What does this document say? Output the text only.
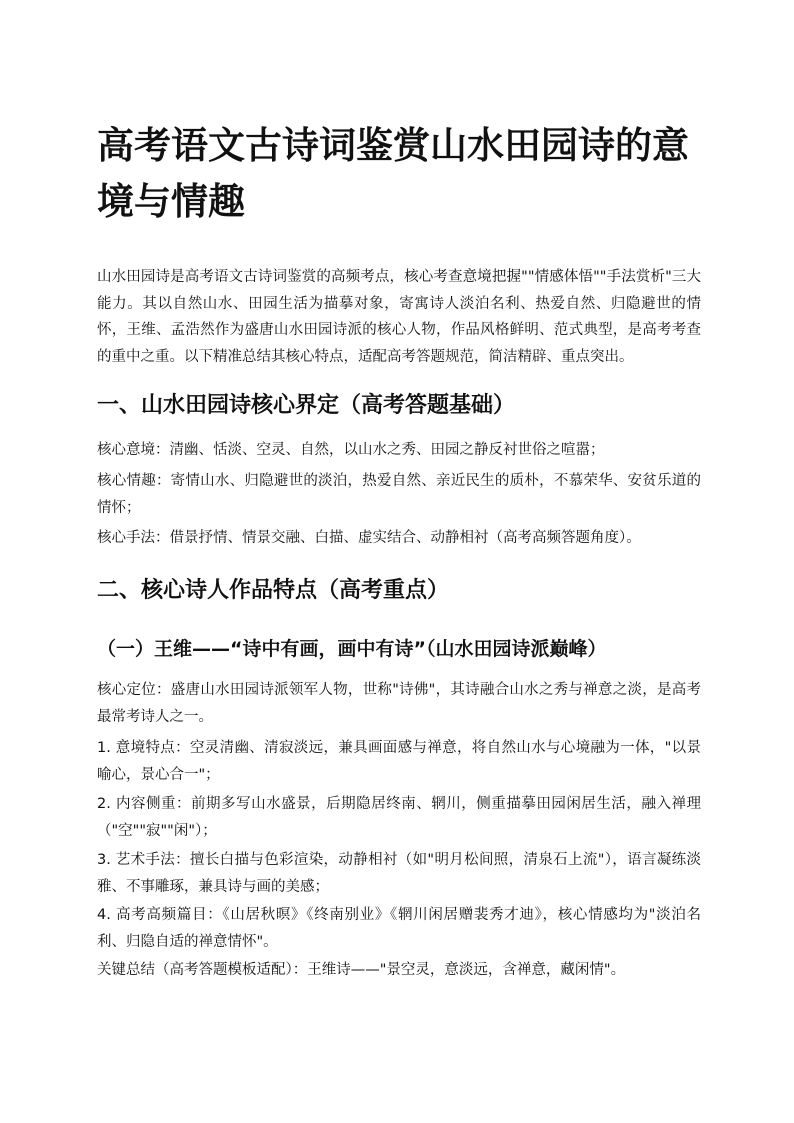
高考语文古诗词鉴赏山水田园诗的意境与情趣

山水田园诗是高考语文古诗词鉴赏的高频考点，核心考查意境把握""情感体悟""手法赏析"三大能力。其以自然山水、田园生活为描摹对象，寄寓诗人淡泊名利、热爱自然、归隐避世的情怀，王维、孟浩然作为盛唐山水田园诗派的核心人物，作品风格鲜明、范式典型，是高考考查的重中之重。以下精准总结其核心特点，适配高考答题规范，简洁精辟、重点突出。

一、山水田园诗核心界定（高考答题基础）

核心意境：清幽、恬淡、空灵、自然，以山水之秀、田园之静反衬世俗之喧嚣；

核心情趣：寄情山水、归隐避世的淡泊，热爱自然、亲近民生的质朴，不慕荣华、安贫乐道的情怀；

核心手法：借景抒情、情景交融、白描、虚实结合、动静相衬（高考高频答题角度）。

二、核心诗人作品特点（高考重点）
（一）王维——“诗中有画，画中有诗”（山水田园诗派巅峰）

核心定位：盛唐山水田园诗派领军人物，世称"诗佛"，其诗融合山水之秀与禅意之淡，是高考最常考诗人之一。

1. 意境特点：空灵清幽、清寂淡远，兼具画面感与禅意，将自然山水与心境融为一体，"以景喻心，景心合一"；

2. 内容侧重：前期多写山水盛景，后期隐居终南、辋川，侧重描摹田园闲居生活，融入禅理（"空""寂""闲"）；

3. 艺术手法：擅长白描与色彩渲染，动静相衬（如"明月松间照，清泉石上流"），语言凝练淡雅、不事雕琢，兼具诗与画的美感；

4. 高考高频篇目：《山居秋暝》《终南别业》《辋川闲居赠裴秀才迪》，核心情感均为"淡泊名利、归隐自适的禅意情怀"。

关键总结（高考答题模板适配）：王维诗——"景空灵，意淡远，含禅意，藏闲情"。
